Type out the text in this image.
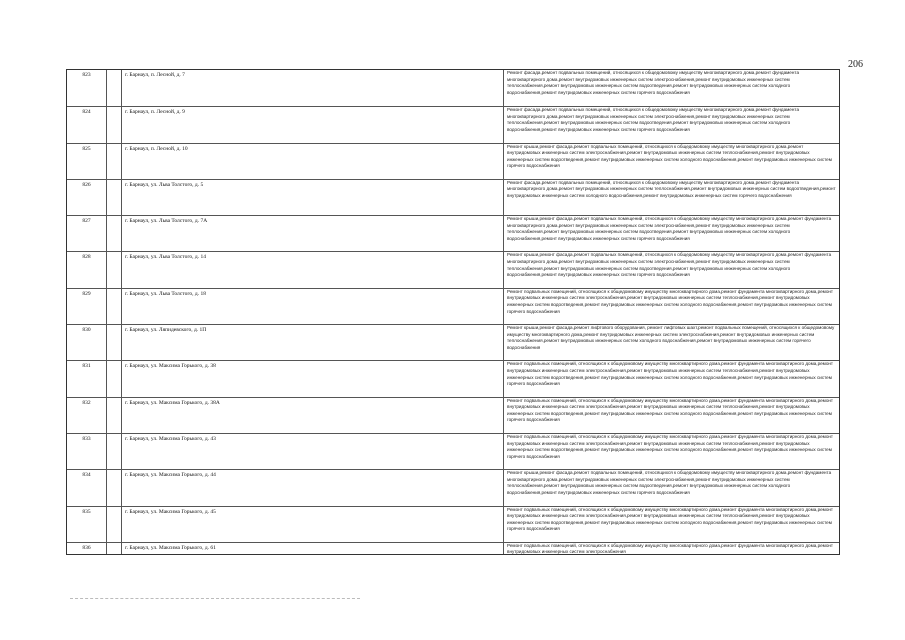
206
823	г. Барнаул, п. Лесной, д. 7	Ремонт фасада,ремонт подвальных помещений, относящихся к общедомовому имуществу многоквартирного дома,ремонт фундамента многоквартирного дома,ремонт внутридомовых инженерных систем электроснабжения,ремонт внутридомовых инженерных систем теплоснабжения,ремонт внутридомовых инженерных систем водоотведения,ремонт внутридомовых инженерных систем холодного водоснабжения,ремонт внутридомовых инженерных систем горячего водоснабжения
824	г. Барнаул, п. Лесной, д. 9	Ремонт фасада,ремонт подвальных помещений, относящихся к общедомовому имуществу многоквартирного дома,ремонт фундамента многоквартирного дома,ремонт внутридомовых инженерных систем электроснабжения,ремонт внутридомовых инженерных систем теплоснабжения,ремонт внутридомовых инженерных систем водоотведения,ремонт внутридомовых инженерных систем холодного водоснабжения,ремонт внутридомовых инженерных систем горячего водоснабжения
825	г. Барнаул, п. Лесной, д. 10	Ремонт крыши,ремонт фасада,ремонт подвальных помещений, относящихся к общедомовому имуществу многоквартирного дома,ремонт внутридомовых инженерных систем электроснабжения,ремонт внутридомовых инженерных систем теплоснабжения,ремонт внутридомовых инженерных систем водоотведения,ремонт внутридомовых инженерных систем холодного водоснабжения,ремонт внутридомовых инженерных систем горячего водоснабжения
826	г. Барнаул, ул. Льва Толстого, д. 5	Ремонт фасада,ремонт подвальных помещений, относящихся к общедомовому имуществу многоквартирного дома,ремонт фундамента многоквартирного дома,ремонт внутридомовых инженерных систем теплоснабжения,ремонт внутридомовых инженерных систем водоотведения,ремонт внутридомовых инженерных систем холодного водоснабжения,ремонт внутридомовых инженерных систем горячего водоснабжения
827	г. Барнаул, ул. Льва Толстого, д. 7А	Ремонт крыши,ремонт фасада,ремонт подвальных помещений, относящихся к общедомовому имуществу многоквартирного дома,ремонт фундамента многоквартирного дома,ремонт внутридомовых инженерных систем электроснабжения,ремонт внутридомовых инженерных систем теплоснабжения,ремонт внутридомовых инженерных систем водоотведения,ремонт внутридомовых инженерных систем холодного водоснабжения,ремонт внутридомовых инженерных систем горячего водоснабжения
828	г. Барнаул, ул. Льва Толстого, д. 14	Ремонт крыши,ремонт фасада,ремонт подвальных помещений, относящихся к общедомовому имуществу многоквартирного дома,ремонт фундамента многоквартирного дома,ремонт внутридомовых инженерных систем электроснабжения,ремонт внутридомовых инженерных систем теплоснабжения,ремонт внутридомовых инженерных систем водоотведения,ремонт внутридомовых инженерных систем холодного водоснабжения,ремонт внутридомовых инженерных систем горячего водоснабжения
829	г. Барнаул, ул. Льва Толстого, д. 18	Ремонт подвальных помещений, относящихся к общедомовому имуществу многоквартирного дома,ремонт фундамента многоквартирного дома,ремонт внутридомовых инженерных систем электроснабжения,ремонт внутридомовых инженерных систем теплоснабжения,ремонт внутридомовых инженерных систем водоотведения,ремонт внутридомовых инженерных систем холодного водоснабжения,ремонт внутридомовых инженерных систем горячего водоснабжения
830	г. Барнаул, ул. Ляпидевского, д. 1П	Ремонт крыши,ремонт фасада,ремонт лифтового оборудования, ремонт лифтовых шахт,ремонт подвальных помещений, относящихся к общедомовому имуществу многоквартирного дома,ремонт внутридомовых инженерных систем электроснабжения,ремонт внутридомовых инженерных систем теплоснабжения,ремонт внутридомовых инженерных систем холодного водоснабжения,ремонт внутридомовых инженерных систем горячего водоснабжения
831	г. Барнаул, ул. Максима Горького, д. 38	Ремонт подвальных помещений, относящихся к общедомовому имуществу многоквартирного дома,ремонт фундамента многоквартирного дома,ремонт внутридомовых инженерных систем электроснабжения,ремонт внутридомовых инженерных систем теплоснабжения,ремонт внутридомовых инженерных систем водоотведения,ремонт внутридомовых инженерных систем холодного водоснабжения,ремонт внутридомовых инженерных систем горячего водоснабжения
832	г. Барнаул, ул. Максима Горького, д. 38А	Ремонт подвальных помещений, относящихся к общедомовому имуществу многоквартирного дома,ремонт фундамента многоквартирного дома,ремонт внутридомовых инженерных систем электроснабжения,ремонт внутридомовых инженерных систем теплоснабжения,ремонт внутридомовых инженерных систем водоотведения,ремонт внутридомовых инженерных систем холодного водоснабжения,ремонт внутридомовых инженерных систем горячего водоснабжения
833	г. Барнаул, ул. Максима Горького, д. 43	Ремонт подвальных помещений, относящихся к общедомовому имуществу многоквартирного дома,ремонт фундамента многоквартирного дома,ремонт внутридомовых инженерных систем электроснабжения,ремонт внутридомовых инженерных систем теплоснабжения,ремонт внутридомовых инженерных систем водоотведения,ремонт внутридомовых инженерных систем холодного водоснабжения,ремонт внутридомовых инженерных систем горячего водоснабжения
834	г. Барнаул, ул. Максима Горького, д. 44	Ремонт крыши,ремонт фасада,ремонт подвальных помещений, относящихся к общедомовому имуществу многоквартирного дома,ремонт фундамента многоквартирного дома,ремонт внутридомовых инженерных систем электроснабжения,ремонт внутридомовых инженерных систем теплоснабжения,ремонт внутридомовых инженерных систем водоотведения,ремонт внутридомовых инженерных систем холодного водоснабжения,ремонт внутридомовых инженерных систем горячего водоснабжения
835	г. Барнаул, ул. Максима Горького, д. 45	Ремонт подвальных помещений, относящихся к общедомовому имуществу многоквартирного дома,ремонт фундамента многоквартирного дома,ремонт внутридомовых инженерных систем электроснабжения,ремонт внутридомовых инженерных систем теплоснабжения,ремонт внутридомовых инженерных систем водоотведения,ремонт внутридомовых инженерных систем холодного водоснабжения,ремонт внутридомовых инженерных систем горячего водоснабжения
836	г. Барнаул, ул. Максима Горького, д. 61	Ремонт подвальных помещений, относящихся к общедомовому имуществу многоквартирного дома,ремонт фундамента многоквартирного дома,ремонт внутридомовых инженерных систем электроснабжения
